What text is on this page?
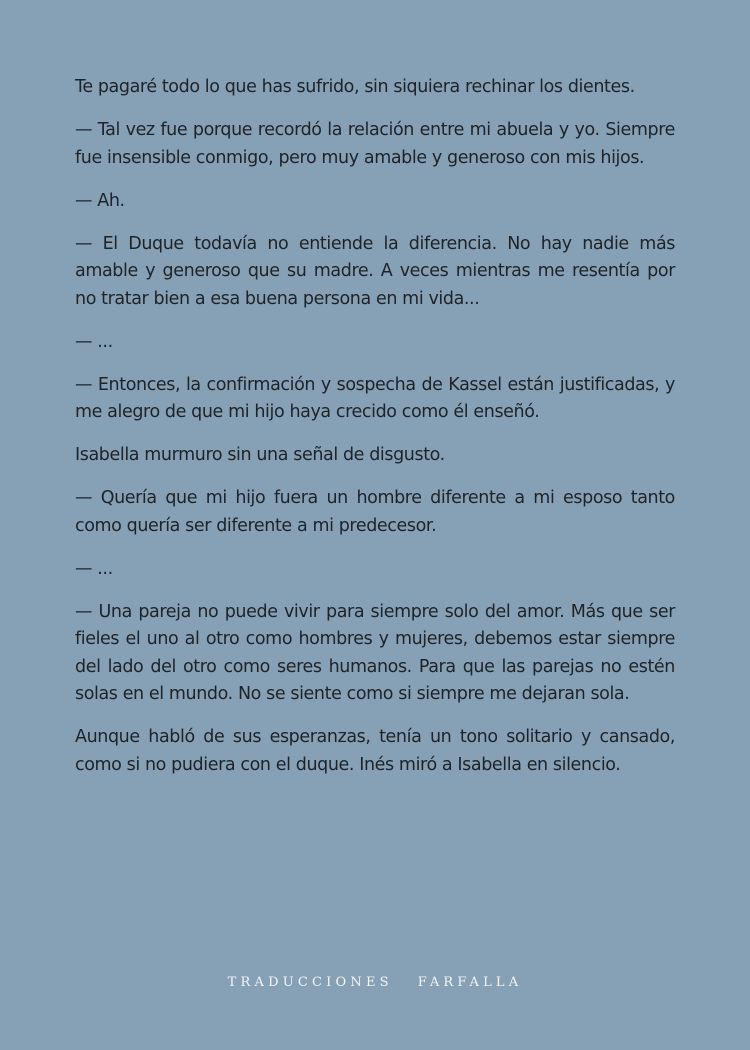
Te pagaré todo lo que has sufrido, sin siquiera rechinar los dientes.

— Tal vez fue porque recordó la relación entre mi abuela y yo. Siempre fue insensible conmigo, pero muy amable y generoso con mis hijos.

— Ah.

— El Duque todavía no entiende la diferencia. No hay nadie más amable y generoso que su madre. A veces mientras me resentía por no tratar bien a esa buena persona en mi vida...

— ...

— Entonces, la confirmación y sospecha de Kassel están justificadas, y me alegro de que mi hijo haya crecido como él enseñó.

Isabella murmuro sin una señal de disgusto.

— Quería que mi hijo fuera un hombre diferente a mi esposo tanto como quería ser diferente a mi predecesor.

— ...

— Una pareja no puede vivir para siempre solo del amor. Más que ser fieles el uno al otro como hombres y mujeres, debemos estar siempre del lado del otro como seres humanos. Para que las parejas no estén solas en el mundo. No se siente como si siempre me dejaran sola.

Aunque habló de sus esperanzas, tenía un tono solitario y cansado, como si no pudiera con el duque. Inés miró a Isabella en silencio.

TRADUCCIONES   FARFALLA
